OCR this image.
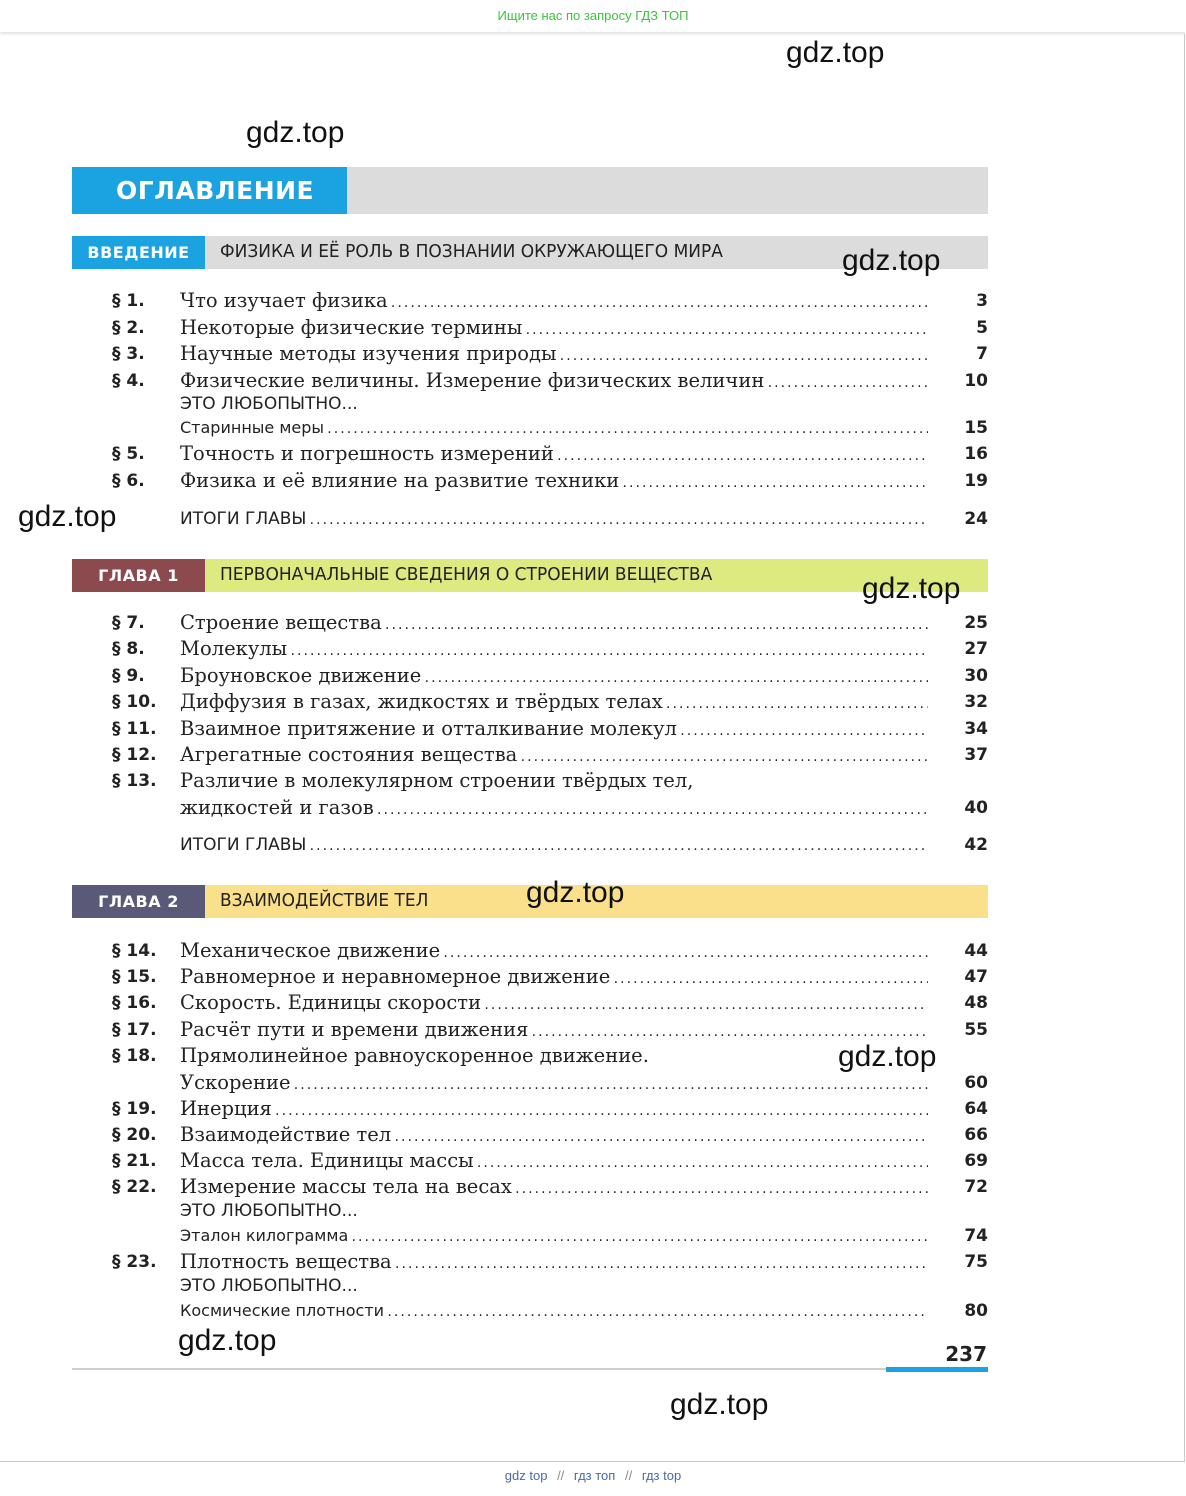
Ищите нас по запросу ГДЗ ТОП
gdz.top
gdz.top
gdz.top
gdz.top
gdz.top
gdz.top
gdz.top
gdz.top
gdz.top
ОГЛАВЛЕНИЕ
ВВЕДЕНИЕ	ФИЗИКА И ЕЁ РОЛЬ В ПОЗНАНИИ ОКРУЖАЮЩЕГО МИРА
ГЛАВА 1	ПЕРВОНАЧАЛЬНЫЕ СВЕДЕНИЯ О СТРОЕНИИ ВЕЩЕСТВА
ГЛАВА 2	ВЗАИМОДЕЙСТВИЕ ТЕЛ
§ 1. Что изучает физика . . .	3
§ 2. Некоторые физические термины . . .	5
§ 3. Научные методы изучения природы . . .	7
§ 4. Физические величины. Измерение физических величин . . .	10
ЭТО ЛЮБОПЫТНО...
Старинные меры . . .	15
§ 5. Точность и погрешность измерений . . .	16
§ 6. Физика и её влияние на развитие техники . . .	19
ИТОГИ ГЛАВЫ . . .	24
§ 7. Строение вещества . . .	25
§ 8. Молекулы . . .	27
§ 9. Броуновское движение . . .	30
§ 10. Диффузия в газах, жидкостях и твёрдых телах . . .	32
§ 11. Взаимное притяжение и отталкивание молекул . . .	34
§ 12. Агрегатные состояния вещества . . .	37
§ 13. Различие в молекулярном строении твёрдых тел,
жидкостей и газов . . .	40
ИТОГИ ГЛАВЫ . . .	42
§ 14. Механическое движение . . .	44
§ 15. Равномерное и неравномерное движение . . .	47
§ 16. Скорость. Единицы скорости . . .	48
§ 17. Расчёт пути и времени движения . . .	55
§ 18. Прямолинейное равноускоренное движение.
Ускорение . . .	60
§ 19. Инерция . . .	64
§ 20. Взаимодействие тел . . .	66
§ 21. Масса тела. Единицы массы . . .	69
§ 22. Измерение массы тела на весах . . .	72
ЭТО ЛЮБОПЫТНО...
Эталон килограмма . . .	74
§ 23. Плотность вещества . . .	75
ЭТО ЛЮБОПЫТНО...
Космические плотности . . .	80
237
gdz top // гдз топ // гдз top
